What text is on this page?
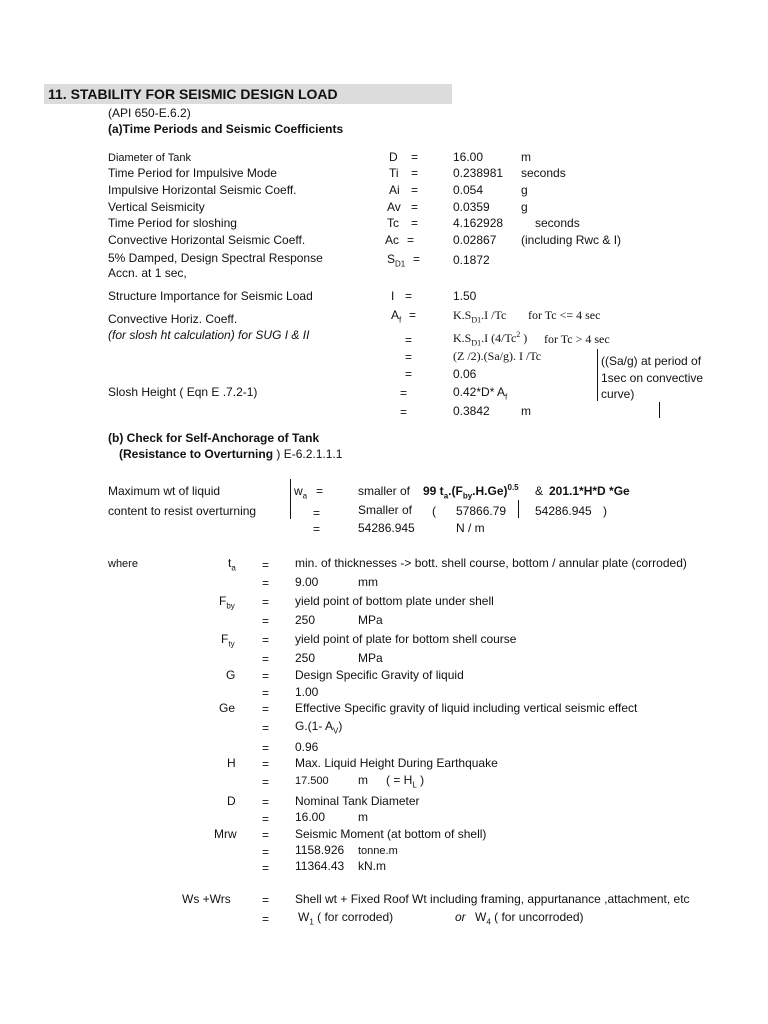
11. STABILITY FOR SEISMIC DESIGN LOAD
(API 650-E.6.2)
(a)Time Periods and Seismic Coefficients
Diameter of Tank	D =	16.00	m
Time Period for Impulsive Mode	Ti =	0.238981 seconds
Impulsive Horizontal Seismic Coeff.	Ai =	0.054	g
Vertical Seismicity	Av =	0.0359	g
Time Period for sloshing	Tc =	4.162928	seconds
Convective Horizontal Seismic Coeff.	Ac =	0.02867 (including Rwc & I)
5% Damped, Design Spectral Response
Accn. at 1 sec,
$S_{D1}$ =	0.1872
Structure Importance for Seismic Load	I =	1.50
Convective Horiz. Coeff.
(for slosh ht calculation) for SUG I & II
$A_f$ =	$K.S_{D1}.I$ /Tc for Tc <= 4 sec
=	$K.S_{D1}.I$ (4/Tc$^2$ ) for Tc > 4 sec
=	(Z /2).(Sa/g). I /Tc	((Sa/g) at period of
1sec on convective
curve)
=	0.06
Slosh Height ( Eqn E .7.2-1)	=	0.42*D* $A_f$
=	0.3842	m
(b) Check for Self-Anchorage of Tank
(Resistance to Overturning ) E-6.2.1.1.1
Maximum wt of liquid
content to resist overturning
$w_a$ =	smaller of 99 $t_a.(F_{by}.H.Ge)^{0.5}$ & 201.1*H*D *Ge
=	Smaller of ( 57866.79 54286.945 )
=	54286.945	N / m
where	$t_a = \min$. of thicknesses -> bott. shell course, bottom / annular plate (corroded)
= 9.00	mm
$F_{by}$ = yield point of bottom plate under shell
= 250	MPa
$F_{ty}$ = yield point of plate for bottom shell course
= 250	MPa
G = Design Specific Gravity of liquid
= 1.00
Ge = Effective Specific gravity of liquid including vertical seismic effect
= G.(1- $A_V$)
= 0.96
H = Max. Liquid Height During Earthquake
= 17.500 m ( = $H_L$ )
D = Nominal Tank Diameter
= 16.00	m
Mrw = Seismic Moment (at bottom of shell)
= 1158.926 tonne.m
= 11364.43 kN.m
Ws +Wrs	= Shell wt + Fixed Roof Wt including framing, appurtanance ,attachment, etc
= $W_1$ ( for corroded)	or $W_4$ ( for uncorroded)
